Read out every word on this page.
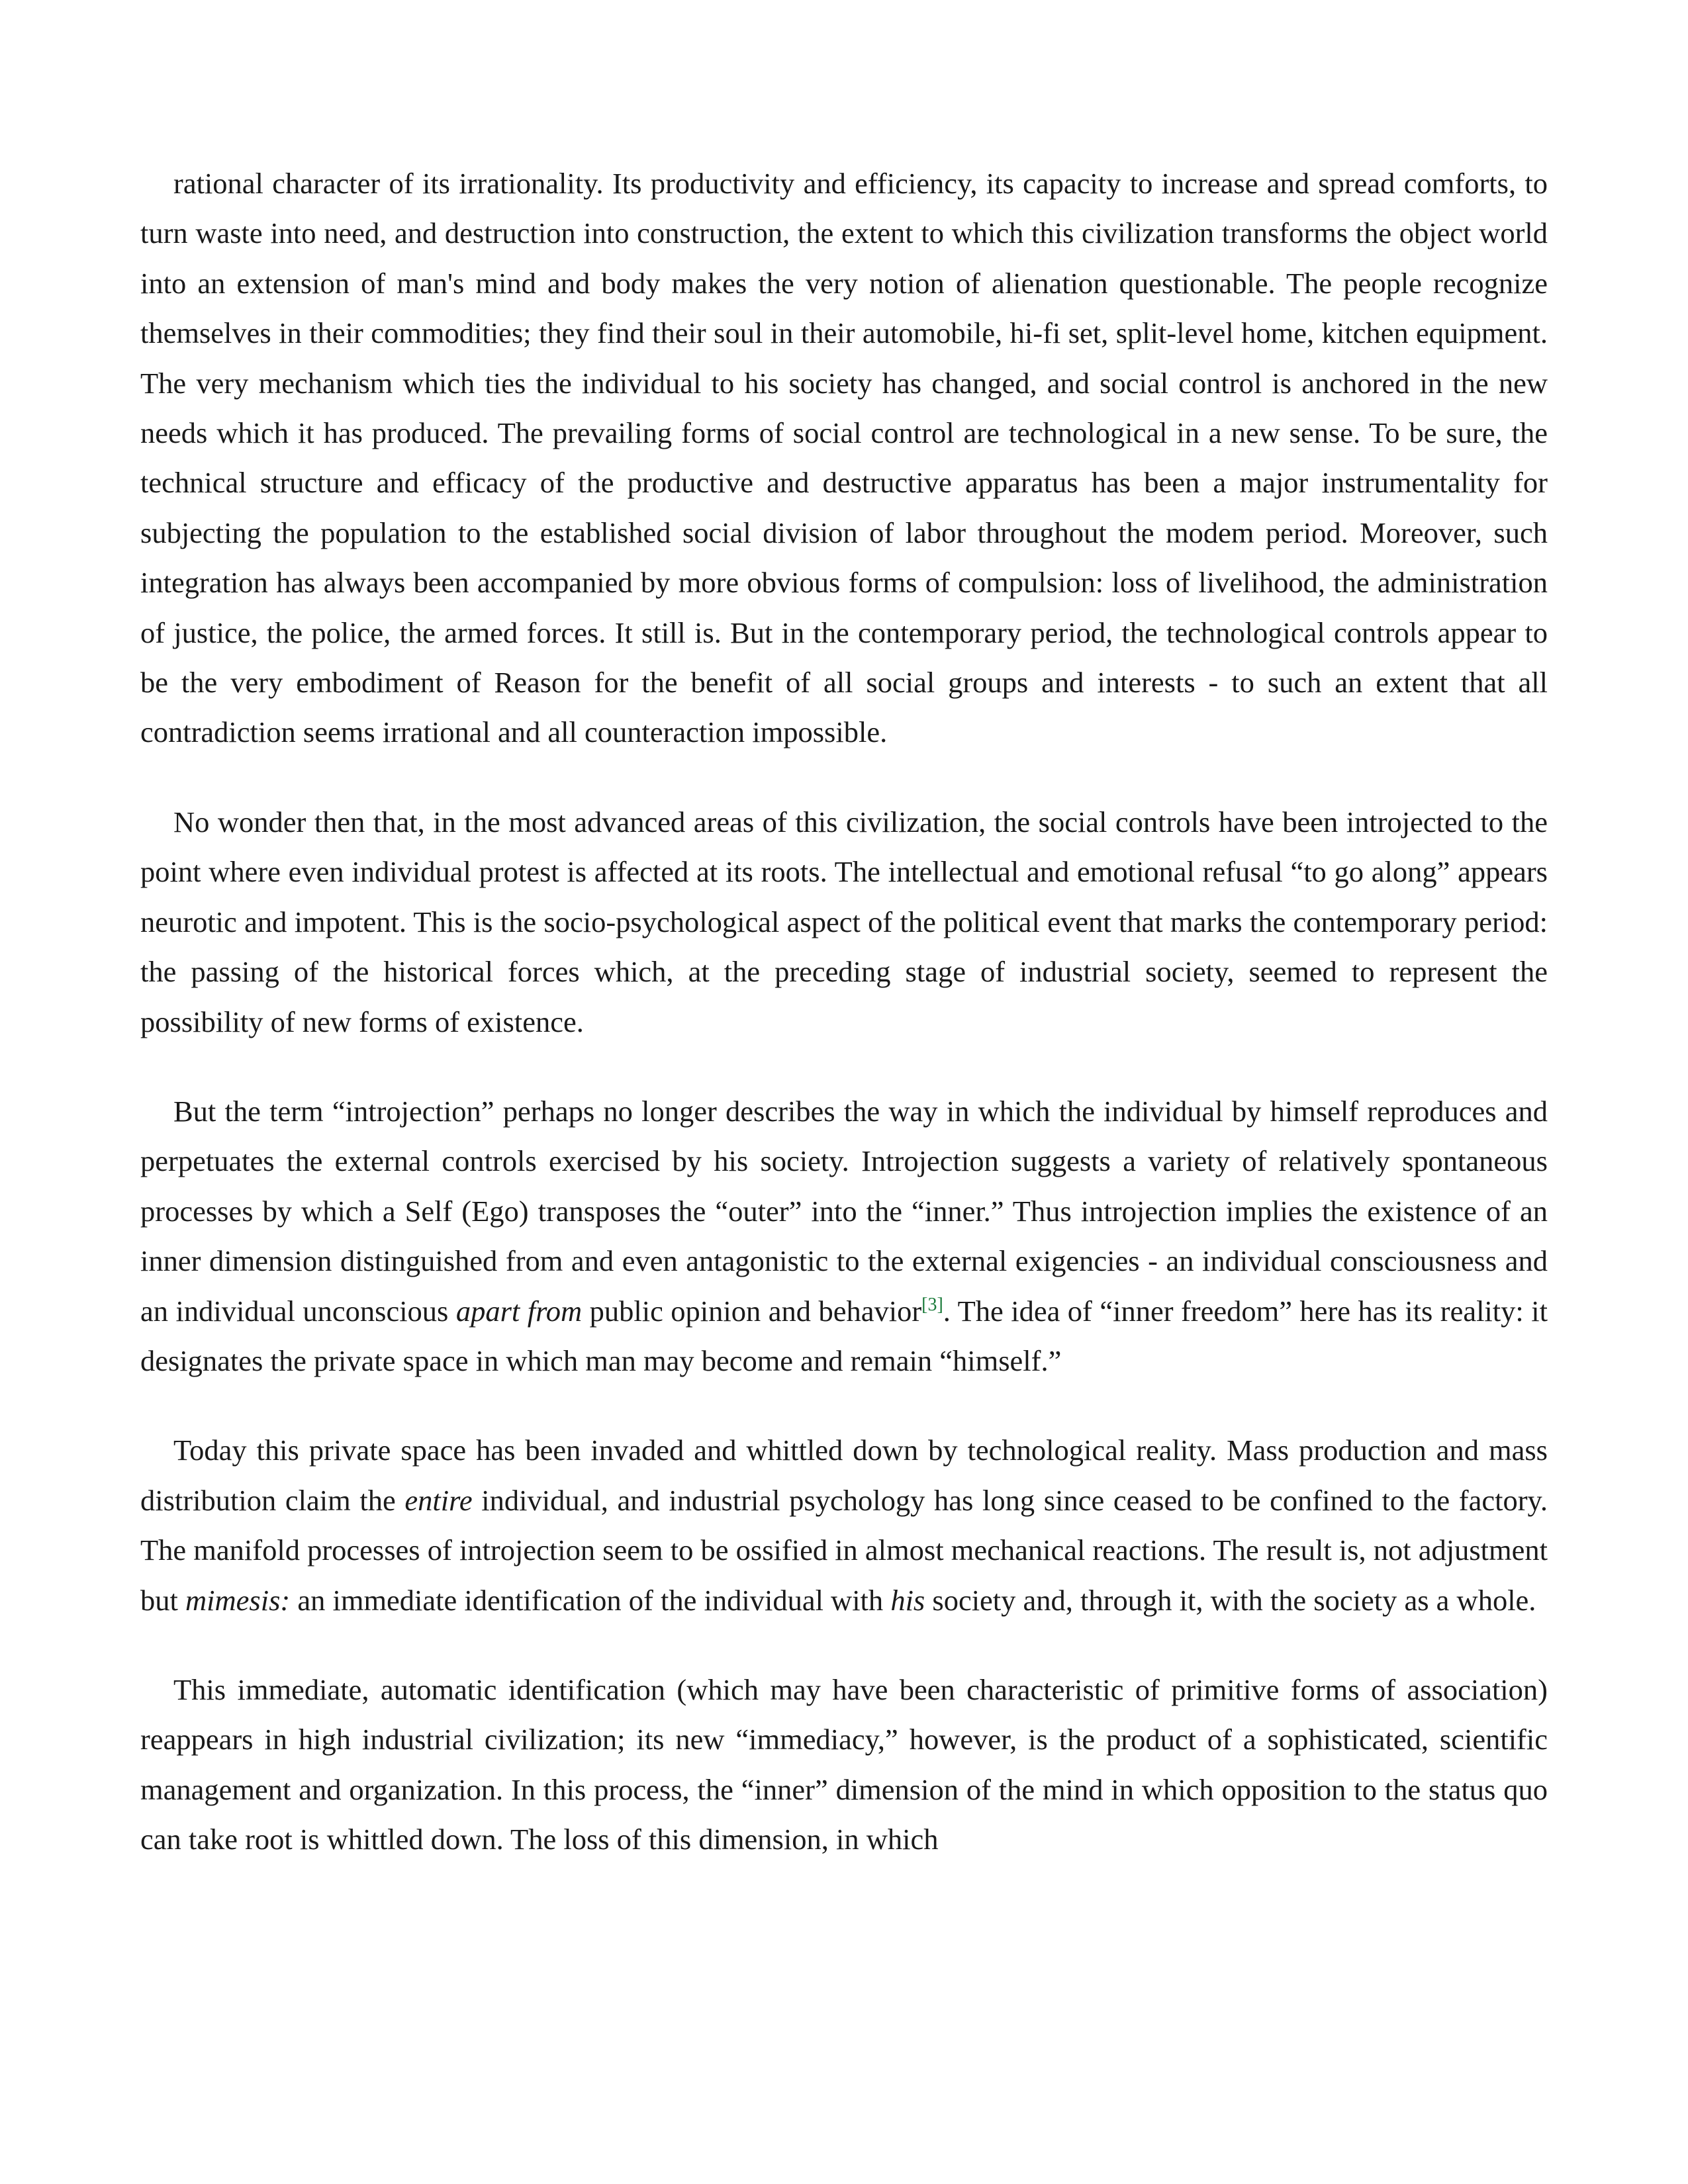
rational character of its irrationality. Its productivity and efficiency, its capacity to increase and spread comforts, to turn waste into need, and destruction into construction, the extent to which this civilization transforms the object world into an extension of man's mind and body makes the very notion of alienation questionable. The people recognize themselves in their commodities; they find their soul in their automobile, hi-fi set, split-level home, kitchen equipment. The very mechanism which ties the individual to his society has changed, and social control is anchored in the new needs which it has produced. The prevailing forms of social control are technological in a new sense. To be sure, the technical structure and efficacy of the productive and destructive apparatus has been a major instrumentality for subjecting the population to the established social division of labor throughout the modem period. Moreover, such integration has always been accompanied by more obvious forms of compulsion: loss of livelihood, the administration of justice, the police, the armed forces. It still is. But in the contemporary period, the technological controls appear to be the very embodiment of Reason for the benefit of all social groups and interests - to such an extent that all contradiction seems irrational and all counteraction impossible.

No wonder then that, in the most advanced areas of this civilization, the social controls have been introjected to the point where even individual protest is affected at its roots. The intellectual and emotional refusal “to go along” appears neurotic and impotent. This is the socio-psychological aspect of the political event that marks the contemporary period: the passing of the historical forces which, at the preceding stage of industrial society, seemed to represent the possibility of new forms of existence.

But the term “introjection” perhaps no longer describes the way in which the individual by himself reproduces and perpetuates the external controls exercised by his society. Introjection suggests a variety of relatively spontaneous processes by which a Self (Ego) transposes the “outer” into the “inner.” Thus introjection implies the existence of an inner dimension distinguished from and even antagonistic to the external exigencies - an individual consciousness and an individual unconscious apart from public opinion and behavior[3]. The idea of “inner freedom” here has its reality: it designates the private space in which man may become and remain “himself.”

Today this private space has been invaded and whittled down by technological reality. Mass production and mass distribution claim the entire individual, and industrial psychology has long since ceased to be confined to the factory. The manifold processes of introjection seem to be ossified in almost mechanical reactions. The result is, not adjustment but mimesis: an immediate identification of the individual with his society and, through it, with the society as a whole.

This immediate, automatic identification (which may have been characteristic of primitive forms of association) reappears in high industrial civilization; its new “immediacy,” however, is the product of a sophisticated, scientific management and organization. In this process, the “inner” dimension of the mind in which opposition to the status quo can take root is whittled down. The loss of this dimension, in which
